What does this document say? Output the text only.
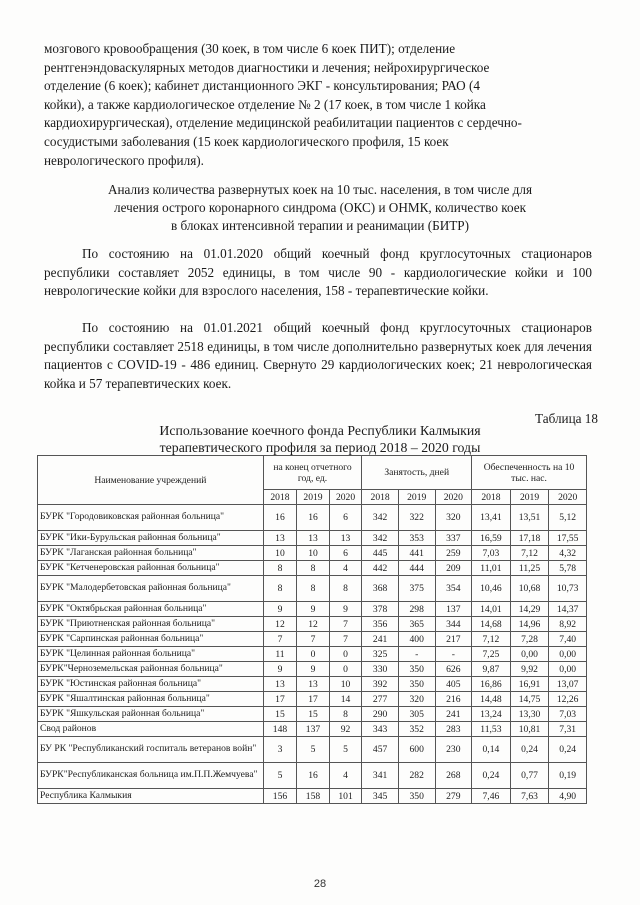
мозгового кровообращения (30 коек, в том числе 6 коек ПИТ); отделение
рентгенэндоваскулярных методов диагностики и лечения; нейрохирургическое
отделение (6 коек); кабинет дистанционного ЭКГ - консультирования; РАО (4
койки), а также кардиологическое отделение № 2 (17 коек, в том числе 1 койка
кардиохирургическая), отделение медицинской реабилитации пациентов с сердечно-
сосудистыми заболевания (15 коек кардиологического профиля, 15 коек
неврологического профиля).
Анализ количества развернутых коек на 10 тыс. населения, в том числе для
лечения острого коронарного синдрома (ОКС) и ОНМК, количество коек
в блоках интенсивной терапии и реанимации (БИТР)
По состоянию на 01.01.2020 общий коечный фонд круглосуточных стационаров республики составляет 2052 единицы, в том числе 90 - кардиологические койки и 100 неврологические койки для взрослого населения, 158 - терапевтические койки.
По состоянию на 01.01.2021 общий коечный фонд круглосуточных стационаров республики составляет 2518 единицы, в том числе дополнительно развернутых коек для лечения пациентов с COVID-19 - 486 единиц. Свернуто 29 кардиологических коек; 21 неврологическая койка и 57 терапевтических коек.
Таблица 18
Использование коечного фонда Республики Калмыкия
терапевтического профиля за период 2018 – 2020 годы
Наименование учреждений	на конец отчетного год, ед.			Занятость, дней			Обеспеченность на 10 тыс. нас.		
	2018	2019	2020	2018	2019	2020	2018	2019	2020
БУРК "Городовиковская районная больница"	16	16	6	342	322	320	13,41	13,51	5,12
БУРК "Ики-Бурульская районная больница"	13	13	13	342	353	337	16,59	17,18	17,55
БУРК "Лаганская районная больница"	10	10	6	445	441	259	7,03	7,12	4,32
БУРК "Кетченеровская районная больница"	8	8	4	442	444	209	11,01	11,25	5,78
БУРК "Малодербетовская районная больница"	8	8	8	368	375	354	10,46	10,68	10,73
БУРК "Октябрьская районная больница"	9	9	9	378	298	137	14,01	14,29	14,37
БУРК "Приютненская районная больница"	12	12	7	356	365	344	14,68	14,96	8,92
БУРК "Сарпинская районная больница"	7	7	7	241	400	217	7,12	7,28	7,40
БУРК "Целинная районная больница"	11	0	0	325	-	-	7,25	0,00	0,00
БУРК"Черноземельская районная больница"	9	9	0	330	350	626	9,87	9,92	0,00
БУРК "Юстинская районная больница"	13	13	10	392	350	405	16,86	16,91	13,07
БУРК "Яшалтинская районная больница"	17	17	14	277	320	216	14,48	14,75	12,26
БУРК "Яшкульская районная больница"	15	15	8	290	305	241	13,24	13,30	7,03
Свод районов	148	137	92	343	352	283	11,53	10,81	7,31
БУ РК "Республиканский госпиталь ветеранов войн"	3	5	5	457	600	230	0,14	0,24	0,24
БУРК"Республиканская больница им.П.П.Жемчуева"	5	16	4	341	282	268	0,24	0,77	0,19
Республика Калмыкия	156	158	101	345	350	279	7,46	7,63	4,90
28
